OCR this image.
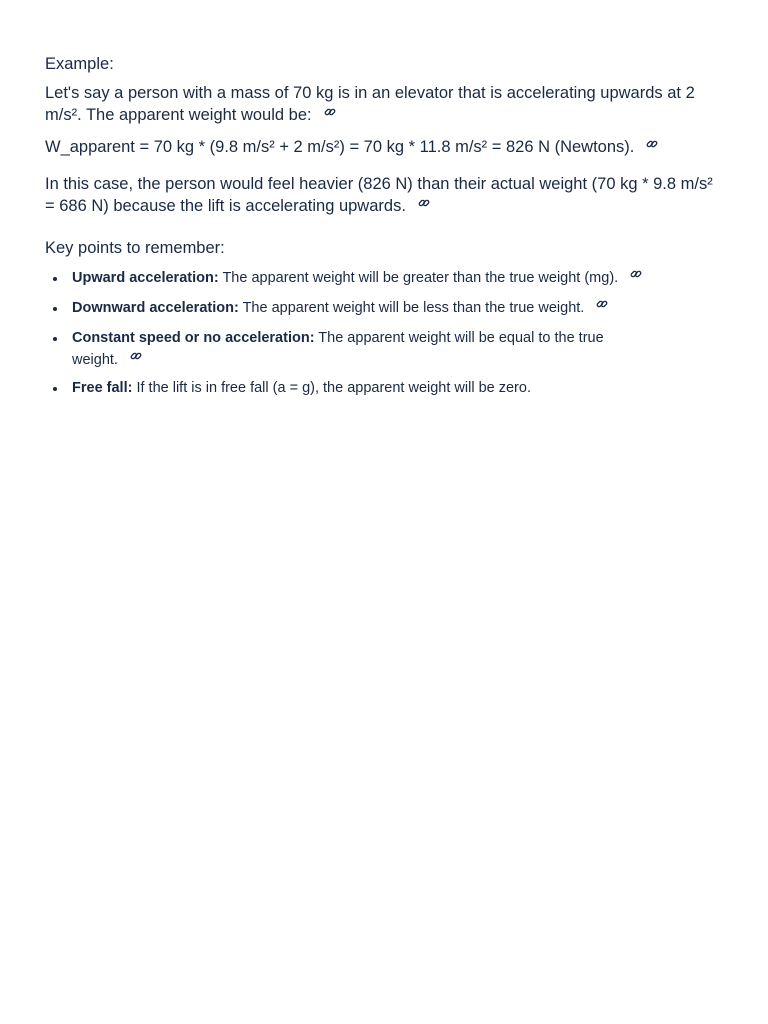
Example:

Let's say a person with a mass of 70 kg is in an elevator that is accelerating upwards at 2 m/s². The apparent weight would be:

W_apparent = 70 kg * (9.8 m/s² + 2 m/s²) = 70 kg * 11.8 m/s² = 826 N (Newtons).

In this case, the person would feel heavier (826 N) than their actual weight (70 kg * 9.8 m/s² = 686 N) because the lift is accelerating upwards.

Key points to remember:

Upward acceleration: The apparent weight will be greater than the true weight (mg).
Downward acceleration: The apparent weight will be less than the true weight.
Constant speed or no acceleration: The apparent weight will be equal to the true weight.
Free fall: If the lift is in free fall (a = g), the apparent weight will be zero.
